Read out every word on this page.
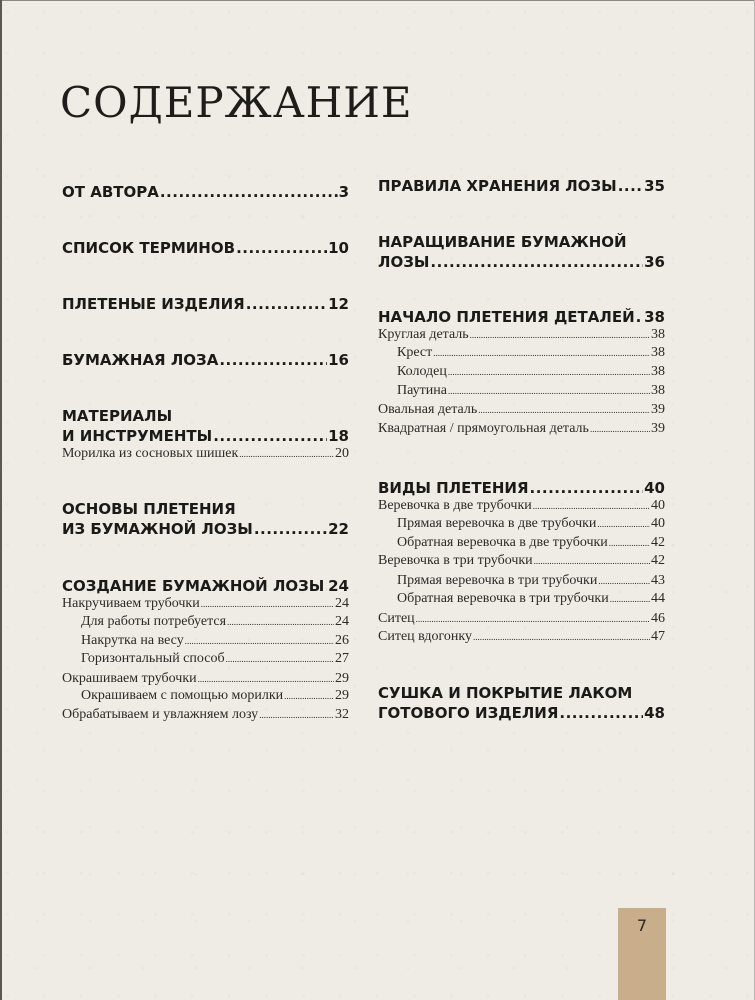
СОДЕРЖАНИЕ
ОТ АВТОРА .....	3
СПИСОК ТЕРМИНОВ .....	10
ПЛЕТЕНЫЕ ИЗДЕЛИЯ .....	12
БУМАЖНАЯ ЛОЗА .....	16
МАТЕРИАЛЫ
И ИНСТРУМЕНТЫ .....	18
Морилка из сосновых шишек .....	20
ОСНОВЫ ПЛЕТЕНИЯ
ИЗ БУМАЖНОЙ ЛОЗЫ .....	22
СОЗДАНИЕ БУМАЖНОЙ ЛОЗЫ ..... 24
Накручиваем трубочки .....	24
Для работы потребуется .....	24
Накрутка на весу .....	26
Горизонтальный способ .....	27
Окрашиваем трубочки .....	29
Окрашиваем с помощью морилки .....	29
Обрабатываем и увлажняем лозу .....	32
ПРАВИЛА ХРАНЕНИЯ ЛОЗЫ ..... 35
НАРАЩИВАНИЕ БУМАЖНОЙ
ЛОЗЫ .....	36
НАЧАЛО ПЛЕТЕНИЯ ДЕТАЛЕЙ ..... 38
Круглая деталь .....	38
Крест .....	38
Колодец .....	38
Паутина .....	38
Овальная деталь .....	39
Квадратная / прямоугольная деталь .....	39
ВИДЫ ПЛЕТЕНИЯ .....	40
Веревочка в две трубочки .....	40
Прямая веревочка в две трубочки .....	40
Обратная веревочка в две трубочки .....	42
Веревочка в три трубочки .....	42
Прямая веревочка в три трубочки .....	43
Обратная веревочка в три трубочки .....	44
Ситец .....	46
Ситец вдогонку .....	47
СУШКА И ПОКРЫТИЕ ЛАКОМ
ГОТОВОГО ИЗДЕЛИЯ .....	48
7
